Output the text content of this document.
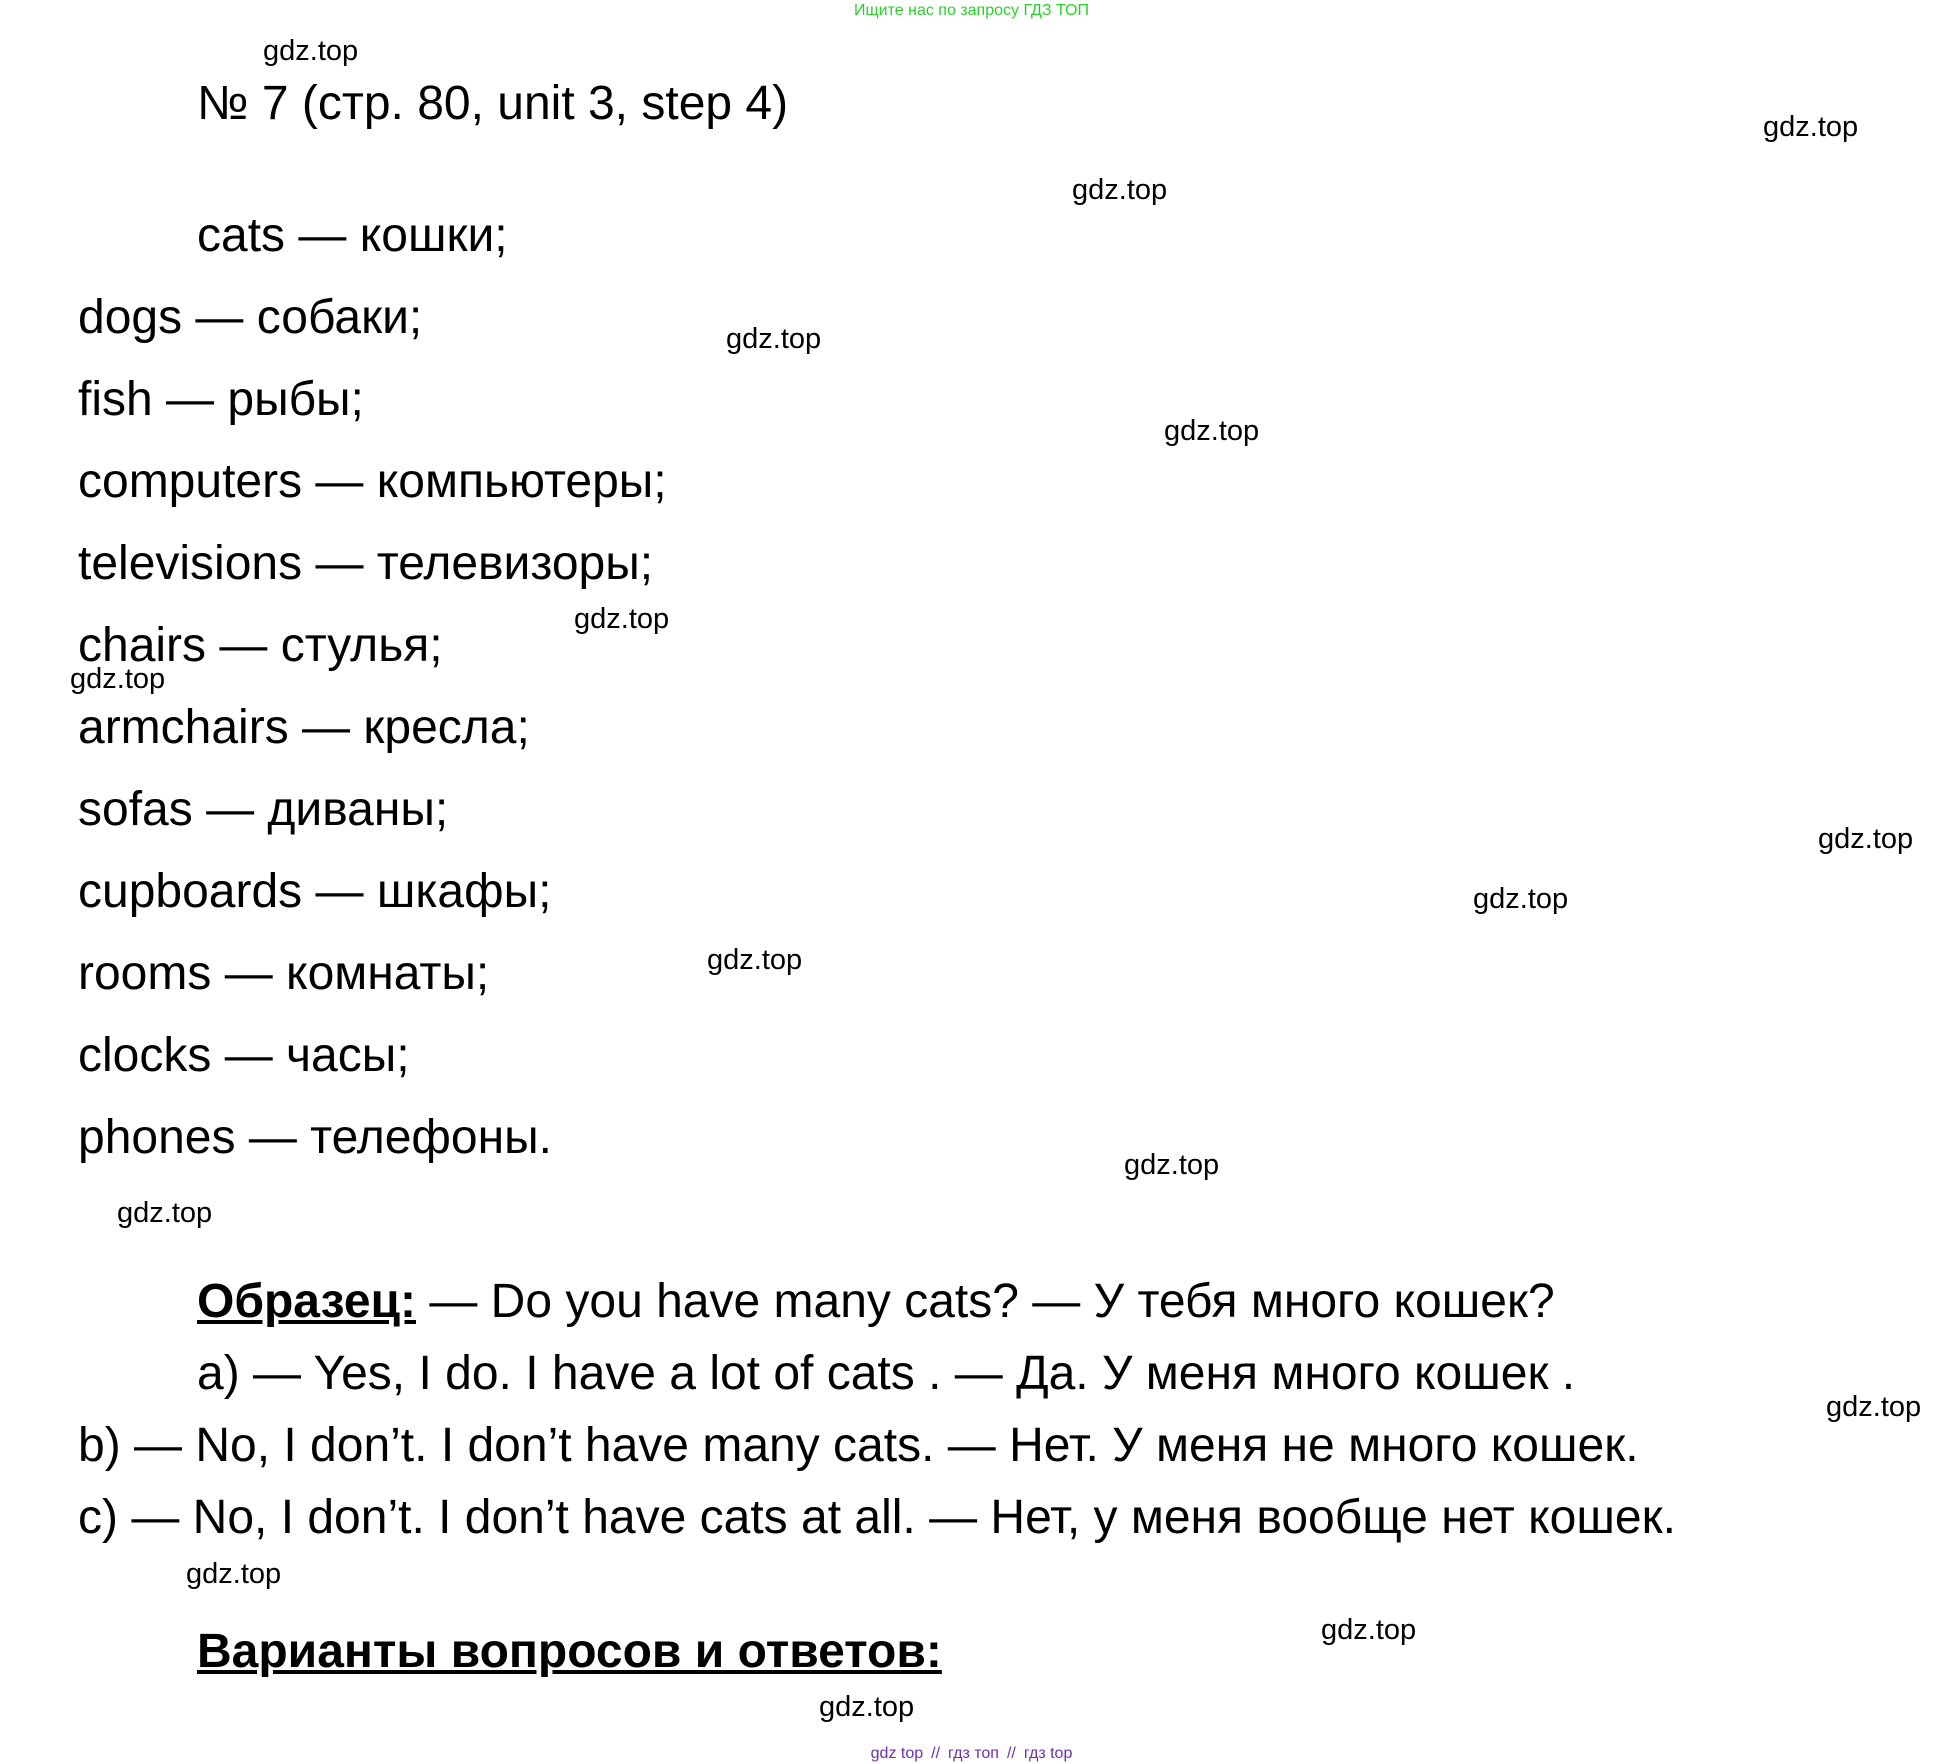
Ищите нас по запросу ГДЗ ТОП
№ 7 (стр. 80, unit 3, step 4)
cats — кошки;
dogs — собаки;
fish — рыбы;
computers — компьютеры;
televisions — телевизоры;
chairs — стулья;
armchairs — кресла;
sofas — диваны;
cupboards — шкафы;
rooms — комнаты;
clocks — часы;
phones — телефоны.
Образец: — Do you have many cats? — У тебя много кошек?
a) — Yes, I do. I have a lot of cats . — Да. У меня много кошек .
b) — No, I don’t. I don’t have many cats. — Нет. У меня не много кошек.
c) — No, I don’t. I don’t have cats at all. — Нет, у меня вообще нет кошек.
Варианты вопросов и ответов:
gdz.top
gdz.top
gdz.top
gdz.top
gdz.top
gdz.top
gdz.top
gdz.top
gdz.top
gdz.top
gdz.top
gdz.top
gdz.top
gdz.top
gdz.top
gdz.top
gdz top // гдз топ // гдз top
